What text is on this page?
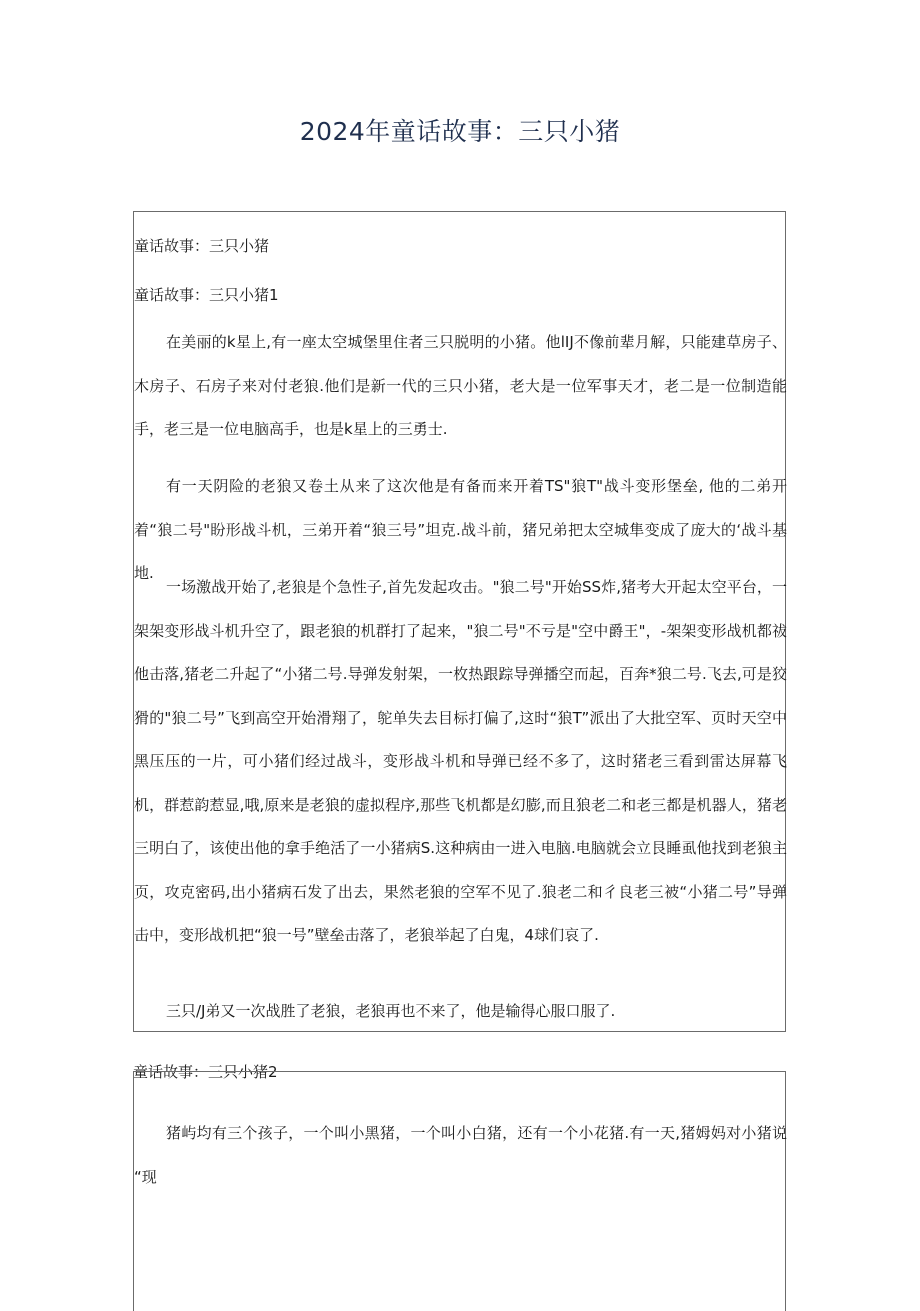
2024年童话故事：三只小猪

童话故事：三只小猪

童话故事：三只小猪1

在美丽的k星上,有一座太空城堡里住者三只脱明的小猪。他lIJ不像前辈月解，只能建草房子、木房子、石房子来对付老狼.他们是新一代的三只小猪，老大是一位军事天才，老二是一位制造能手，老三是一位电脑高手，也是k星上的三勇士.

有一天阴险的老狼又卷土从来了这次他是有备而来开着TS"狼T"战斗变形堡垒, 他的二弟开着“狼二号"盼形战斗机，三弟开着“狼三号”坦克.战斗前，猪兄弟把太空城隼变成了庞大的‘战斗基地.

一场激战开始了,老狼是个急性子,首先发起攻击。"狼二号"开始SS炸,猪考大开起太空平台，一架架变形战斗机升空了，跟老狼的机群打了起来，"狼二号"不亏是"空中爵王"，-架架变形战机都祓他击落,猪老二升起了“小猪二号.导弹发射架，一枚热跟踪导弹播空而起，百奔*狼二号.飞去,可是狡猾的"狼二号”飞到高空开始滑翔了，鸵单失去目标打偏了,这时“狼T”派出了大批空军、页时天空中黑压压的一片，可小猪们经过战斗，变形战斗机和导弹已经不多了，这时猪老三看到雷达屏幕飞机，群惹韵惹显,哦,原来是老狼的虚拟程序,那些飞机都是幻膨,而且狼老二和老三都是机器人，猪老三明白了，该使出他的拿手绝活了一小猪病S.这种病由一进入电脑.电脑就会立艮睡虱他找到老狼主页，攻克密码,出小猪病石发了出去，果然老狼的空军不见了.狼老二和彳良老三被“小猪二号”导弹击中，变形战机把“狼一号”壁垒击落了，老狼举起了白鬼，4球们哀了.

三只/J弟又一次战胜了老狼，老狼再也不来了，他是输得心服口服了.

童话故事：三只小猪2

猪屿均有三个孩子，一个叫小黑猪，一个叫小白猪，还有一个小花猪.有一天,猪姆妈对小猪说 “现
